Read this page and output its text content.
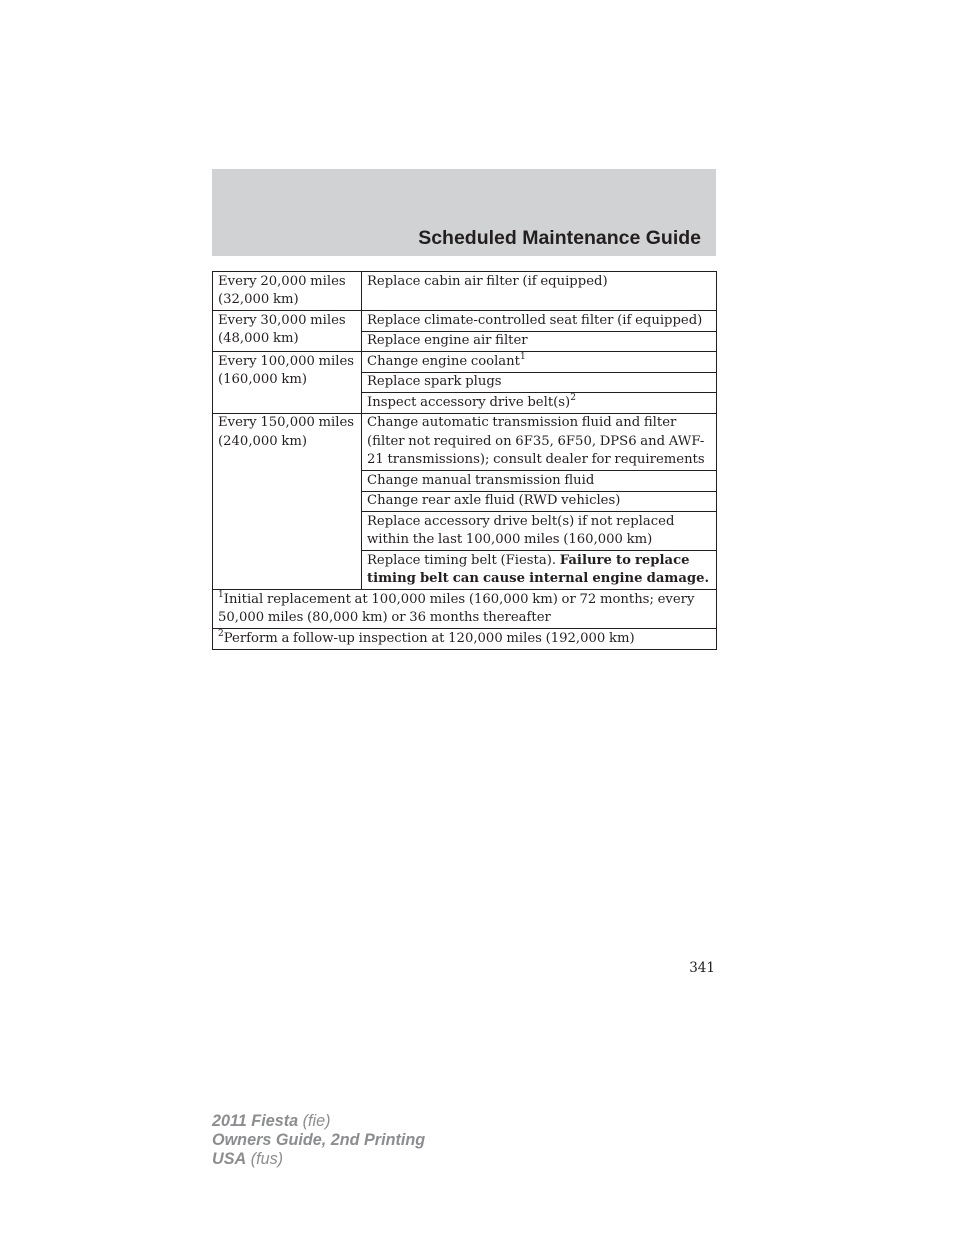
Scheduled Maintenance Guide
Every 20,000 miles
(32,000 km)	Replace cabin air filter (if equipped)
Every 30,000 miles
(48,000 km)	Replace climate-controlled seat filter (if equipped)
	Replace engine air filter
Every 100,000 miles
(160,000 km)	Change engine coolant$^1$
	Replace spark plugs
	Inspect accessory drive $belt(s)^2$
Every 150,000 miles
(240,000 km)	Change automatic transmission fluid and filter (filter not required on 6F35, 6F50, DPS6 and AWF-21 transmissions); consult dealer for requirements
	Change manual transmission fluid
	Change rear axle fluid (RWD vehicles)
	Replace accessory drive belt(s) if not replaced within the last 100,000 miles (160,000 km)
	Replace timing belt (Fiesta). Failure to replace timing belt can cause internal engine damage.
$^1$Initial replacement at 100,000 miles (160,000 km) or 72 months; every 50,000 miles (80,000 km) or 36 months thereafter	
$^2$Perform a follow-up inspection at 120,000 miles (192,000 km)	
341
2011 Fiesta (fie)
Owners Guide, 2nd Printing
USA (fus)
